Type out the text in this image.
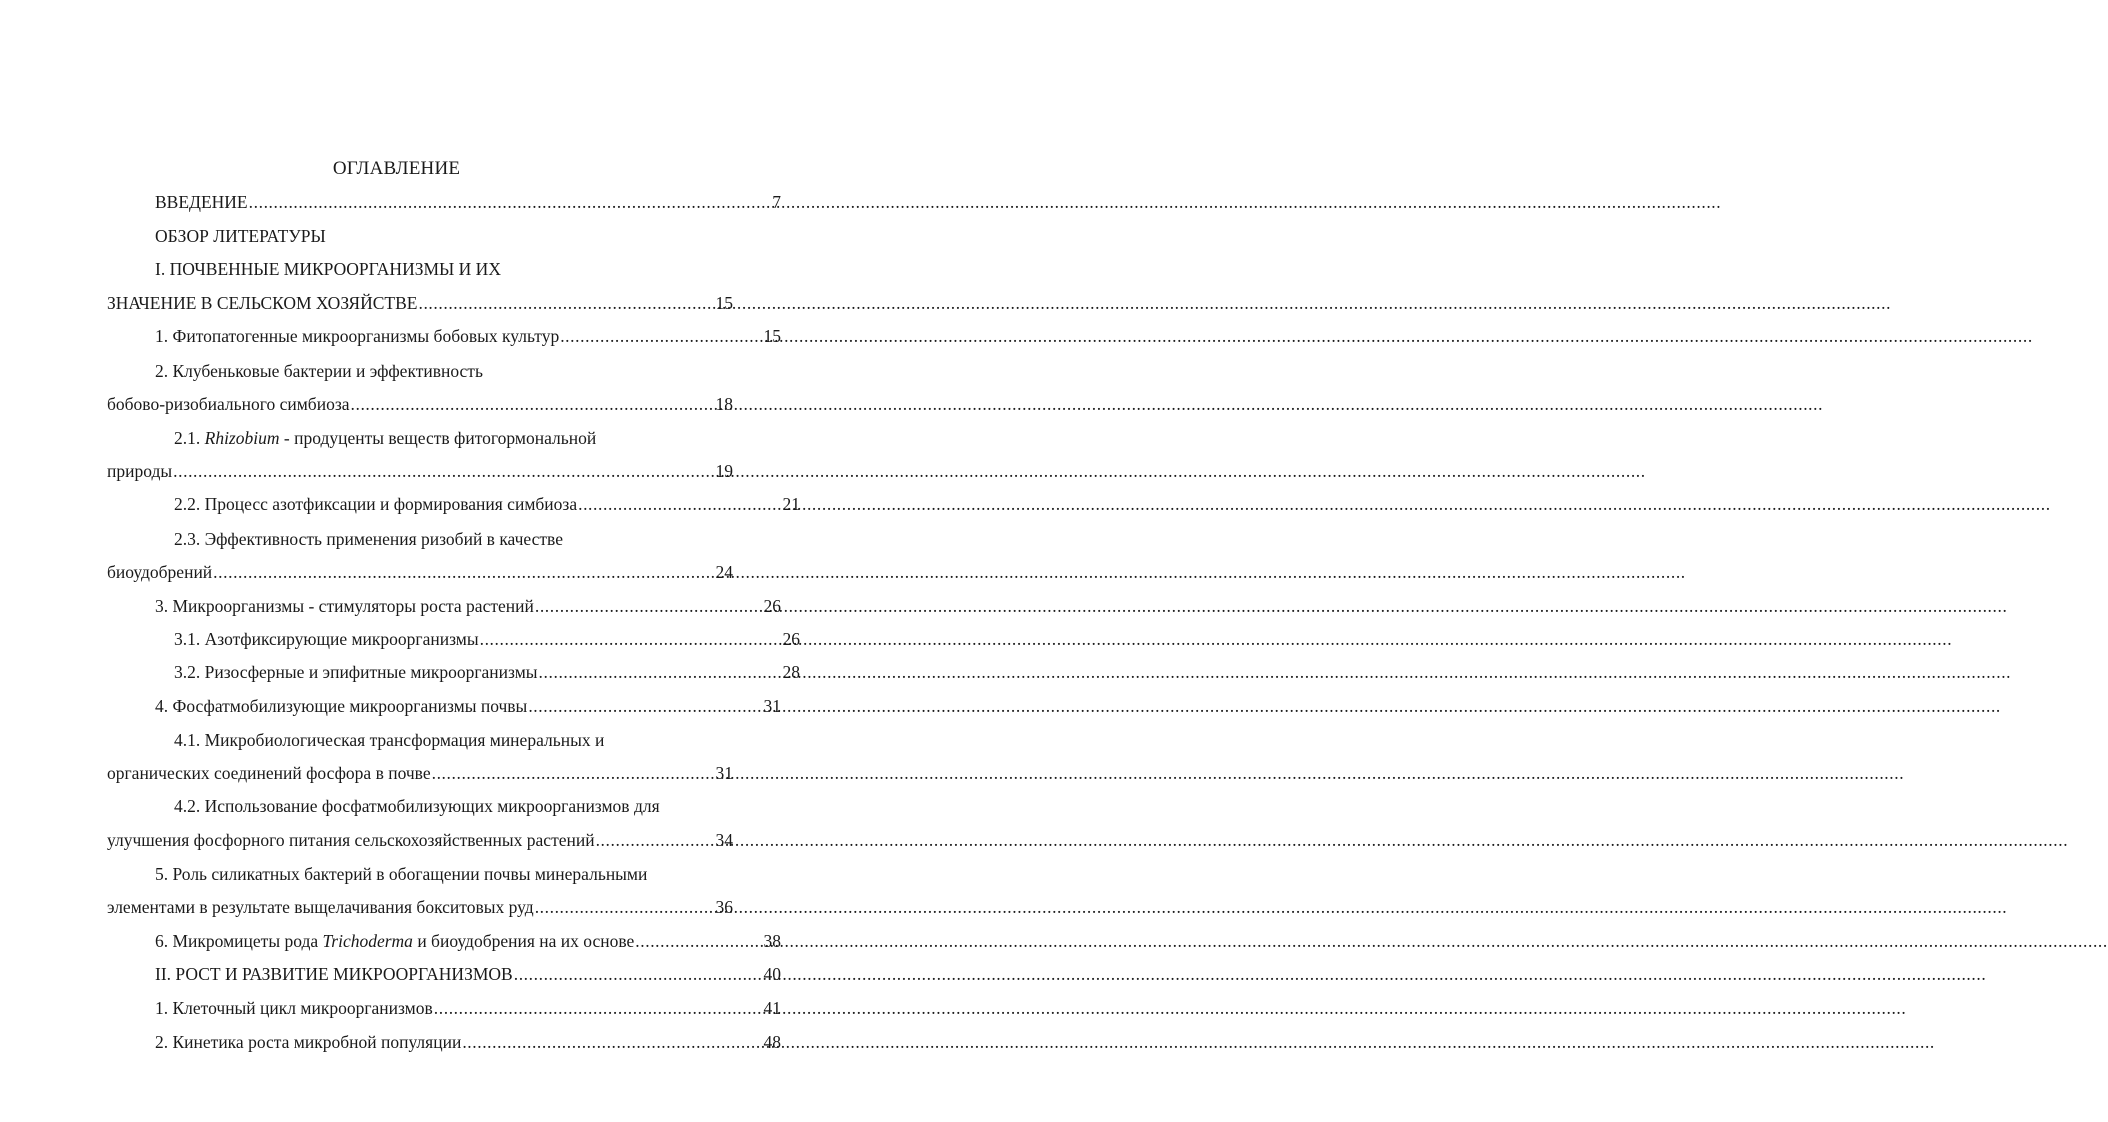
ОГЛАВЛЕНИЕ
ВВЕДЕНИЕ .....	7
ОБЗОР ЛИТЕРАТУРЫ
I. ПОЧВЕННЫЕ МИКРООРГАНИЗМЫ И ИХ
ЗНАЧЕНИЕ В СЕЛЬСКОМ ХОЗЯЙСТВЕ .....	15
1. Фитопатогенные микроорганизмы бобовых культур .....	15
2. Клубеньковые бактерии и эффективность
бобово-ризобиального симбиоза .....	18
2.1. Rhizobium - продуценты веществ фитогормональной
природы .....	19
2.2. Процесс азотфиксации и формирования симбиоза .....	21
2.3. Эффективность применения ризобий в качестве
биоудобрений .....	24
3. Микроорганизмы - стимуляторы роста растений .....	26
3.1. Азотфиксирующие микроорганизмы .....	26
3.2. Ризосферные и эпифитные микроорганизмы .....	28
4. Фосфатмобилизующие микроорганизмы почвы .....	31
4.1. Микробиологическая трансформация минеральных и
органических соединений фосфора в почве .....	31
4.2. Использование фосфатмобилизующих микроорганизмов для
улучшения фосфорного питания сельскохозяйственных растений .....	34
5. Роль силикатных бактерий в обогащении почвы минеральными
элементами в результате выщелачивания бокситовых руд .....	36
6. Микромицеты рода Trichoderma и биоудобрения на их основе .....	38
II. РОСТ И РАЗВИТИЕ МИКРООРГАНИЗМОВ .....	40
1. Клеточный цикл микроорганизмов .....	41
2. Кинетика роста микробной популяции .....	48
